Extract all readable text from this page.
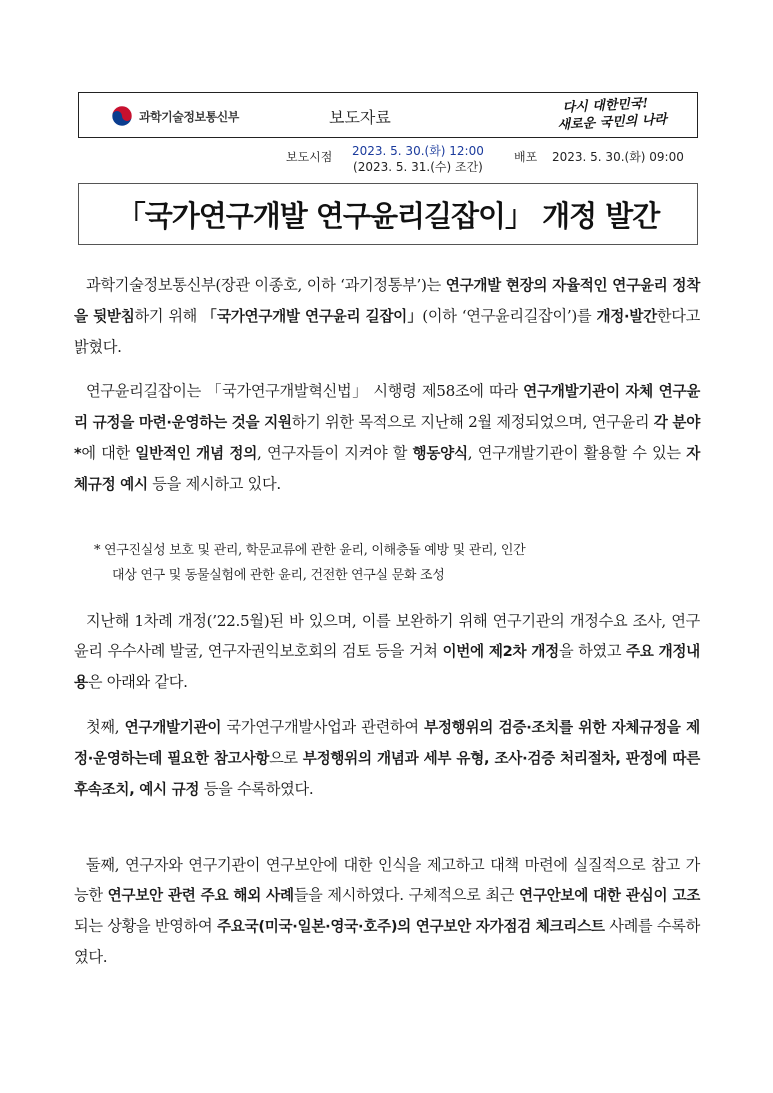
과학기술정보통신부	보도자료
다시 대한민국!
새로운 국민의 나라
보도시점 2023. 5. 30.(화) 12:00
(2023. 5. 31.(수) 조간)
배포 2023. 5. 30.(화) 09:00
「국가연구개발 연구윤리길잡이」 개정 발간
과학기술정보통신부(장관 이종호, 이하 ‘과기정통부’)는 연구개발 현장의 자율적인 연구윤리 정착을 뒷받침하기 위해 「국가연구개발 연구윤리 길잡이」(이하 ‘연구윤리길잡이’)를 개정·발간한다고 밝혔다.
연구윤리길잡이는 「국가연구개발혁신법」 시행령 제58조에 따라 연구개발기관이 자체 연구윤리 규정을 마련·운영하는 것을 지원하기 위한 목적으로 지난해 2월 제정되었으며, 연구윤리 각 분야*에 대한 일반적인 개념 정의, 연구자들이 지켜야 할 행동양식, 연구개발기관이 활용할 수 있는 자체규정 예시 등을 제시하고 있다.
지난해 1차례 개정(’22.5월)된 바 있으며, 이를 보완하기 위해 연구기관의 개정수요 조사, 연구윤리 우수사례 발굴, 연구자권익보호회의 검토 등을 거쳐 이번에 제2차 개정을 하였고 주요 개정내용은 아래와 같다.
첫째, 연구개발기관이 국가연구개발사업과 관련하여 부정행위의 검증·조치를 위한 자체규정을 제정·운영하는데 필요한 참고사항으로 부정행위의 개념과 세부 유형, 조사·검증 처리절차, 판정에 따른 후속조치, 예시 규정 등을 수록하였다.
둘째, 연구자와 연구기관이 연구보안에 대한 인식을 제고하고 대책 마련에 실질적으로 참고 가능한 연구보안 관련 주요 해외 사례들을 제시하였다. 구체적으로 최근 연구안보에 대한 관심이 고조되는 상황을 반영하여 주요국(미국·일본·영국·호주)의 연구보안 자가점검 체크리스트 사례를 수록하였다.
* 연구진실성 보호 및 관리, 학문교류에 관한 윤리, 이해충돌 예방 및 관리, 인간
대상 연구 및 동물실험에 관한 윤리, 건전한 연구실 문화 조성
